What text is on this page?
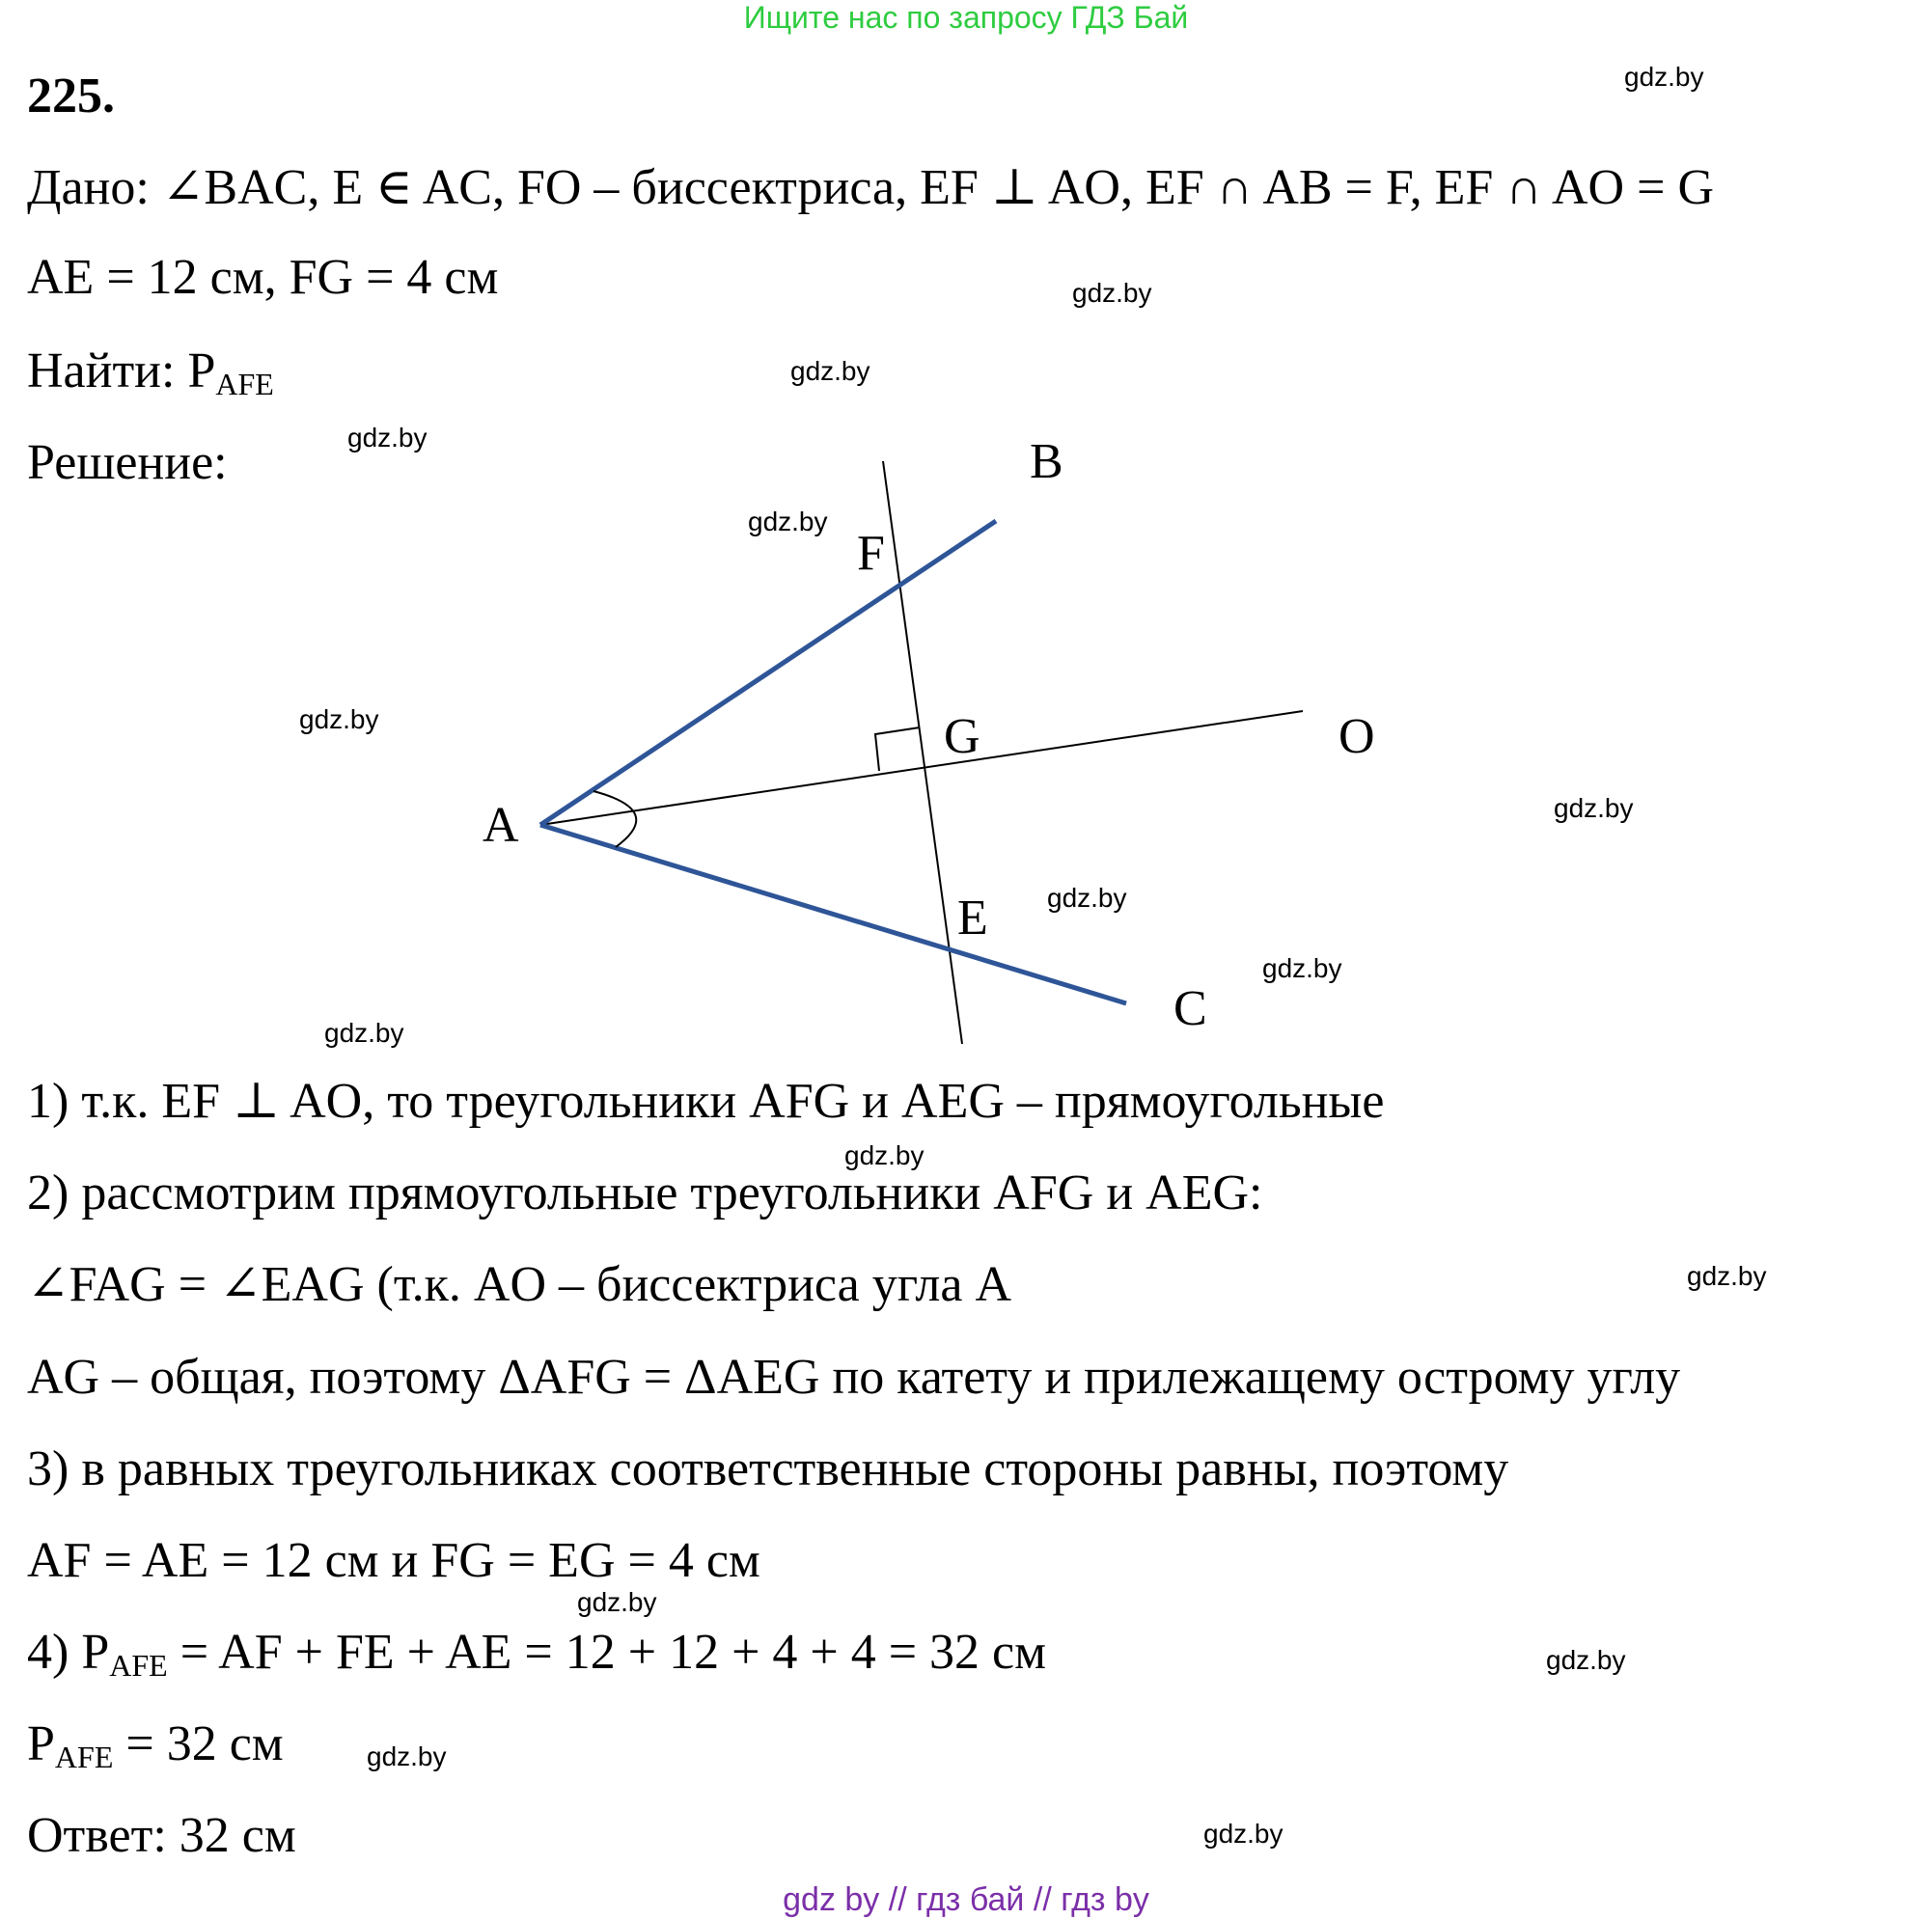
Ищите нас по запросу ГДЗ Бай
225.
Дано: ∠BAC, E ∈ AC, FO – биссектриса, EF ⊥ AO, EF ∩ AB = F, EF ∩ AO = G
AE = 12 см, FG = 4 см
Найти: $P_{AFE}$
Решение:
A
B
C
O
F
G
E
1) т.к. EF ⊥ AO, то треугольники AFG и AEG – прямоугольные
2) рассмотрим прямоугольные треугольники AFG и AEG:
∠FAG = ∠EAG (т.к. AO – биссектриса угла A
AG – общая, поэтому ΔAFG = ΔAEG по катету и прилежащему острому углу
3) в равных треугольниках соответственные стороны равны, поэтому
AF = AE = 12 см и FG = EG = 4 см
4) $P_{AFE}$ = AF + FE + AE = 12 + 12 + 4 + 4 = 32 см
$P_{AFE} = 32$ см
Ответ: 32 см
gdz.by
gdz.by
gdz.by
gdz.by
gdz.by
gdz.by
gdz.by
gdz.by
gdz.by
gdz.by
gdz.by
gdz.by
gdz.by
gdz.by
gdz.by
gdz.by
gdz by // гдз бай // гдз by
